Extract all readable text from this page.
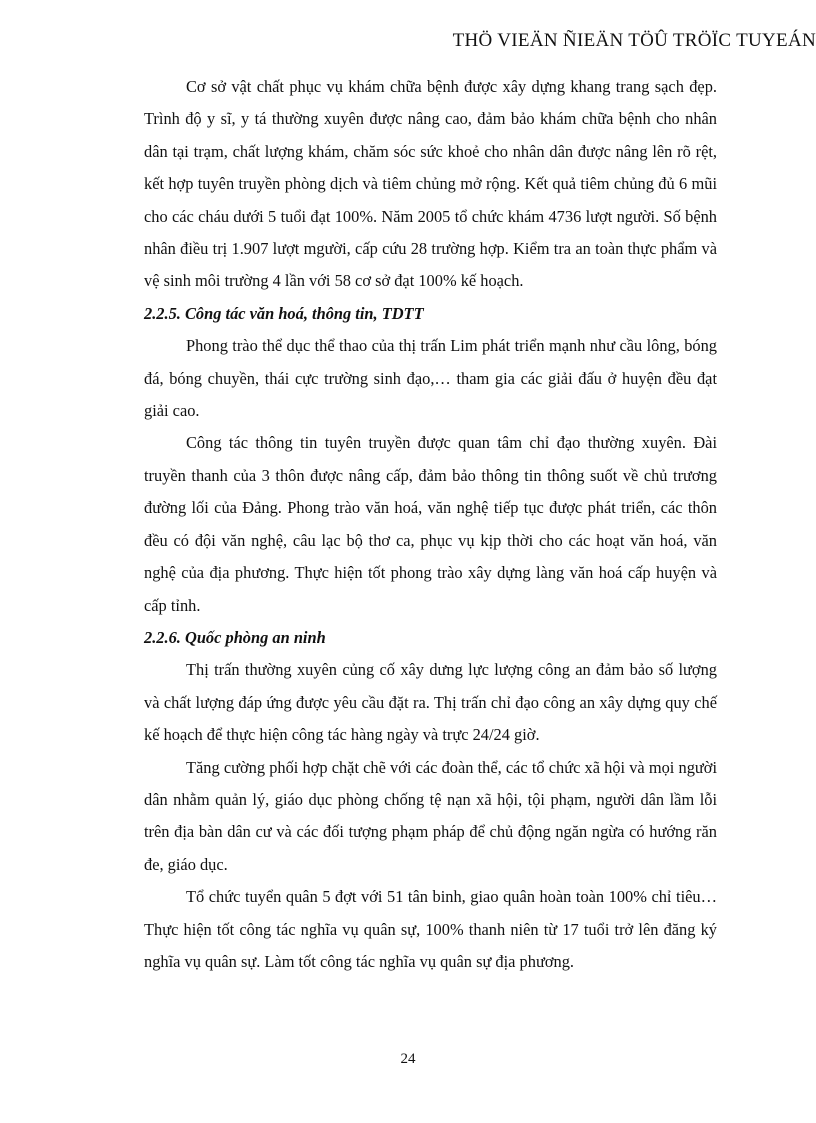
THÖ VIEÄN ÑIEÄN TÖÛ TRÖÏC TUYEÁN

Cơ sở vật chất phục vụ khám chữa bệnh được xây dựng khang trang sạch đẹp. Trình độ y sĩ, y tá thường xuyên được nâng cao, đảm bảo khám chữa bệnh cho nhân dân tại trạm, chất lượng khám, chăm sóc sức khoẻ cho nhân dân được nâng lên rõ rệt, kết hợp tuyên truyền phòng dịch và tiêm chủng mở rộng. Kết quả tiêm chủng đủ 6 mũi cho các cháu dưới 5 tuổi đạt 100%. Năm 2005 tổ chức khám 4736 lượt người. Số bệnh nhân điều trị 1.907 lượt mgười, cấp cứu 28 trường hợp. Kiểm tra an toàn thực phẩm và vệ sinh môi trường 4 lần với 58 cơ sở đạt 100% kế hoạch.

2.2.5. Công tác văn hoá, thông tin, TDTT

Phong trào thể dục thể thao của thị trấn Lim phát triển mạnh như cầu lông, bóng đá, bóng chuyền, thái cực trường sinh đạo,… tham gia các giải đấu ở huyện đều đạt giải cao.

Công tác thông tin tuyên truyền được quan tâm chỉ đạo thường xuyên. Đài truyền thanh của 3 thôn được nâng cấp, đảm bảo thông tin thông suốt về chủ trương đường lối của Đảng. Phong trào văn hoá, văn nghệ tiếp tục được phát triển, các thôn đều có đội văn nghệ, câu lạc bộ thơ ca, phục vụ kịp thời cho các hoạt văn hoá, văn nghệ của địa phương. Thực hiện tốt phong trào xây dựng làng văn hoá cấp huyện và cấp tỉnh.

2.2.6. Quốc phòng an ninh

Thị trấn thường xuyên củng cố xây dưng lực lượng công an đảm bảo số lượng và chất lượng đáp ứng được yêu cầu đặt ra. Thị trấn chỉ đạo công an xây dựng quy chế kế hoạch để thực hiện công tác hàng ngày và trực 24/24 giờ.

Tăng cường phối hợp chặt chẽ với các đoàn thể, các tổ chức xã hội và mọi người dân nhằm quản lý, giáo dục phòng chống tệ nạn xã hội, tội phạm, người dân lầm lỗi trên địa bàn dân cư và các đối tượng phạm pháp để chủ động ngăn ngừa có hướng răn đe, giáo dục.

Tổ chức tuyển quân 5 đợt với 51 tân binh, giao quân hoàn toàn 100% chỉ tiêu… Thực hiện tốt công tác nghĩa vụ quân sự, 100% thanh niên từ 17 tuổi trở lên đăng ký nghĩa vụ quân sự. Làm tốt công tác nghĩa vụ quân sự địa phương.

24
